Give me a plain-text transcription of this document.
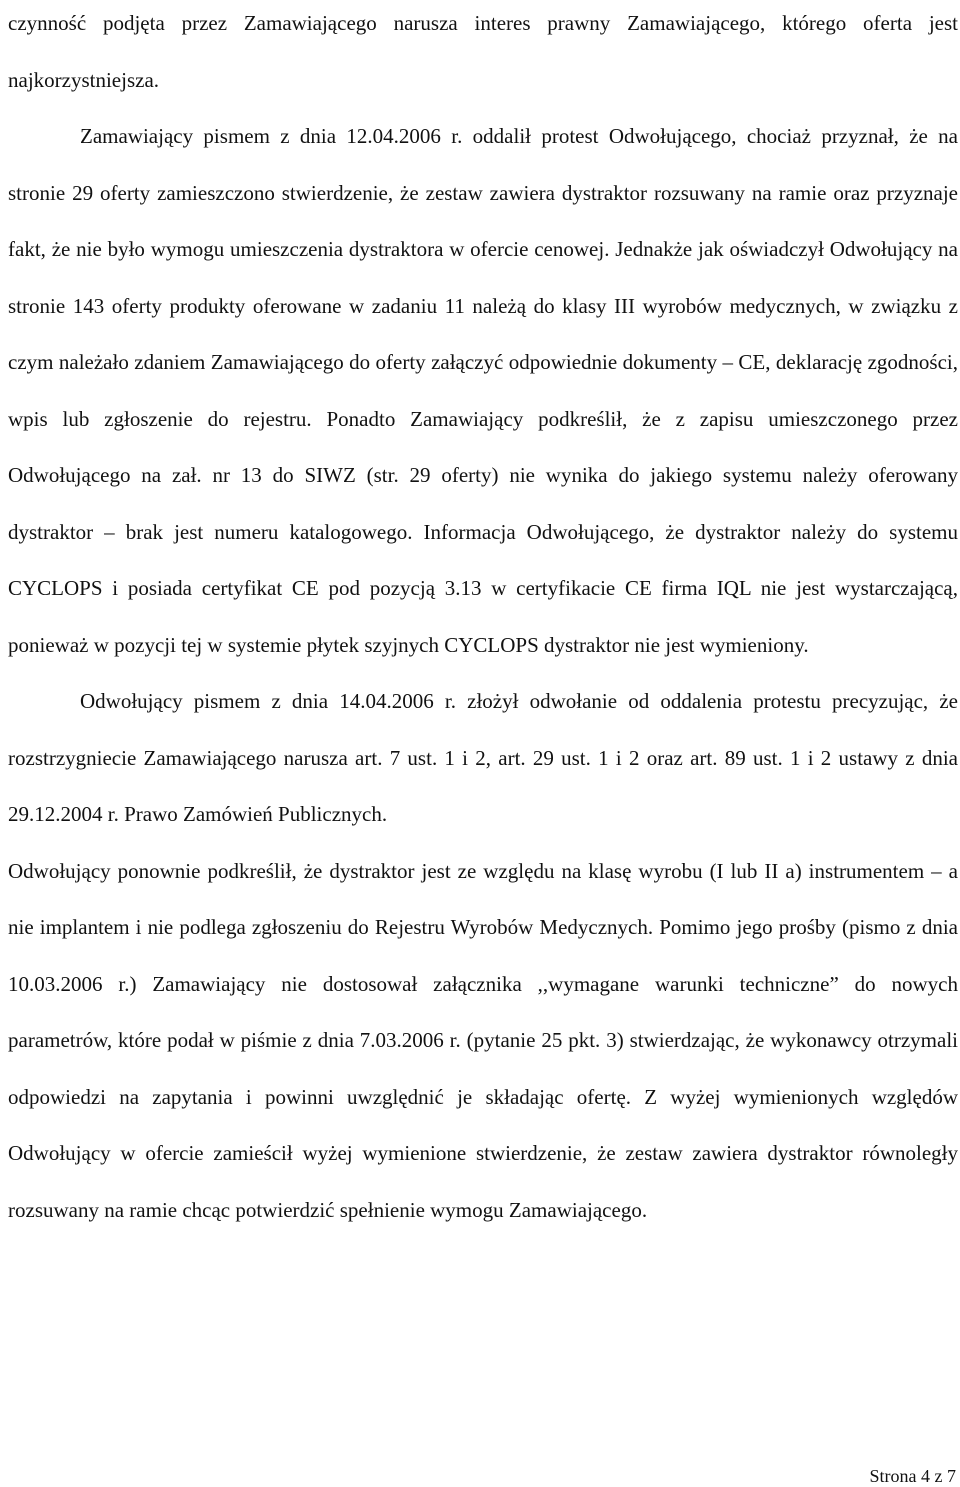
czynność podjęta przez Zamawiającego narusza interes prawny Zamawiającego, którego oferta jest najkorzystniejsza.

Zamawiający pismem z dnia 12.04.2006 r. oddalił protest Odwołującego, chociaż przyznał, że na stronie 29 oferty zamieszczono stwierdzenie, że zestaw zawiera dystraktor rozsuwany na ramie oraz przyznaje fakt, że nie było wymogu umieszczenia dystraktora w ofercie cenowej. Jednakże jak oświadczył Odwołujący na stronie 143 oferty produkty oferowane w zadaniu 11 należą do klasy III wyrobów medycznych, w związku z czym należało zdaniem Zamawiającego do oferty załączyć odpowiednie dokumenty – CE, deklarację zgodności, wpis lub zgłoszenie do rejestru. Ponadto Zamawiający podkreślił, że z zapisu umieszczonego przez Odwołującego na zał. nr 13 do SIWZ (str. 29 oferty) nie wynika do jakiego systemu należy oferowany dystraktor – brak jest numeru katalogowego. Informacja Odwołującego, że dystraktor należy do systemu CYCLOPS i posiada certyfikat CE pod pozycją 3.13 w certyfikacie CE firma IQL nie jest wystarczającą, ponieważ w pozycji tej w systemie płytek szyjnych CYCLOPS dystraktor nie jest wymieniony.

Odwołujący pismem z dnia 14.04.2006 r. złożył odwołanie od oddalenia protestu precyzując, że rozstrzygniecie Zamawiającego narusza art. 7 ust. 1 i 2, art. 29 ust. 1 i 2 oraz art. 89 ust. 1 i 2 ustawy z dnia 29.12.2004 r. Prawo Zamówień Publicznych.

Odwołujący ponownie podkreślił, że dystraktor jest ze względu na klasę wyrobu (I lub II a) instrumentem – a nie implantem i nie podlega zgłoszeniu do Rejestru Wyrobów Medycznych. Pomimo jego prośby (pismo z dnia 10.03.2006 r.) Zamawiający nie dostosował załącznika ,,wymagane warunki techniczne” do nowych parametrów, które podał w piśmie z dnia 7.03.2006 r. (pytanie 25 pkt. 3) stwierdzając, że wykonawcy otrzymali odpowiedzi na zapytania i powinni uwzględnić je składając ofertę. Z wyżej wymienionych względów Odwołujący w ofercie zamieścił wyżej wymienione stwierdzenie, że zestaw zawiera dystraktor równoległy rozsuwany na ramie chcąc potwierdzić spełnienie wymogu Zamawiającego.

Strona 4 z 7
